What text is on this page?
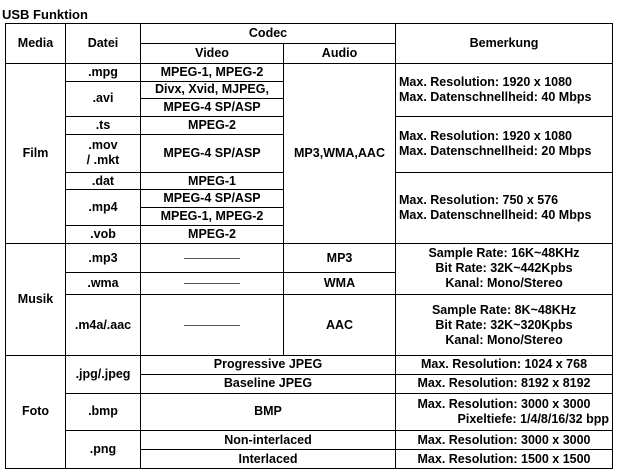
USB Funktion
Media	Datei	Codec		Bemerkung
		Video	Audio	
Film	.mpg	MPEG-1, MPEG-2	MP3,WMA,AAC	Max. Resolution: 1920 x 1080
Max. Datenschnellheid: 40 Mbps

	.avi	Divx, Xvid, MJPEG,		
		MPEG-4 SP/ASP		
	.ts	MPEG-2		Max. Resolution: 1920 x 1080
Max. Datenschnellheid: 20 Mbps

	.mov
/ .mkt	MPEG-4 SP/ASP		
	.dat	MPEG-1		Max. Resolution: 750 x 576
Max. Datenschnellheid: 40 Mbps

	.mp4	MPEG-4 SP/ASP		
		MPEG-1, MPEG-2		
	.vob	MPEG-2		
Musik	.mp3		MP3	Sample Rate: 16K~48KHz
Bit Rate: 32K~442Kpbs
Kanal: Mono/Stereo

	.wma		WMA	
	.m4a/.aac		AAC	Sample Rate: 8K~48KHz
Bit Rate: 32K~320Kpbs
Kanal: Mono/Stereo

Foto	.jpg/.jpeg	Progressive JPEG		Max. Resolution: 1024 x 768
		Baseline JPEG		Max. Resolution: 8192 x 8192
	.bmp	BMP		Max. Resolution: 3000 x 3000
Pixeltiefe: 1/4/8/16/32 bpp

	.png	Non-interlaced		Max. Resolution: 3000 x 3000
		Interlaced		Max. Resolution: 1500 x 1500
